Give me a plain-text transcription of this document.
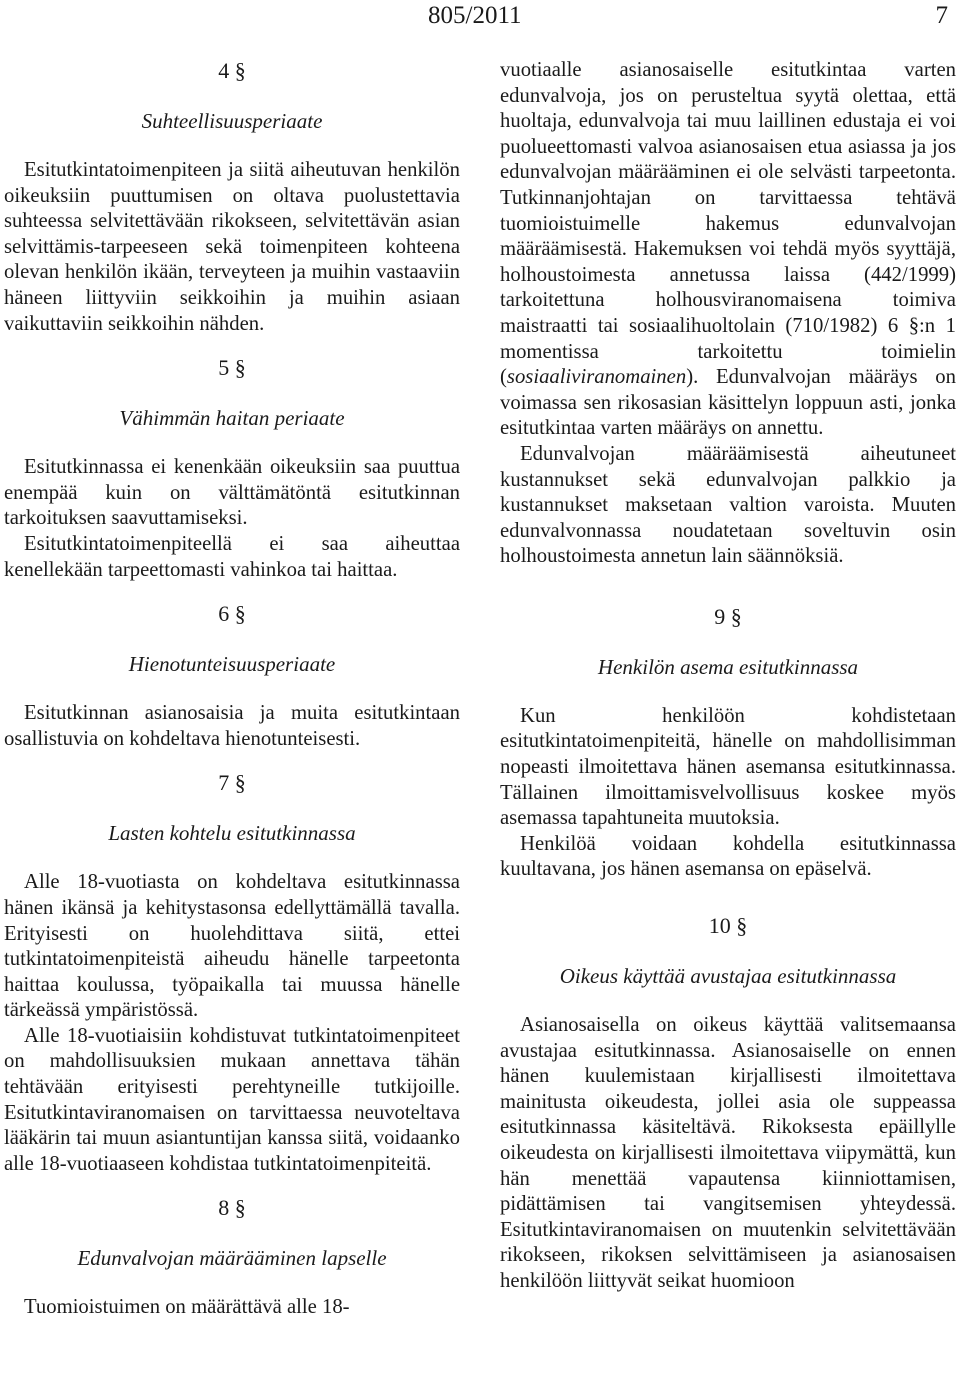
805/2011	7

4 §

Suhteellisuusperiaate

Esitutkintatoimenpiteen ja siitä aiheutuvan henkilön oikeuksiin puuttumisen on oltava puolustettavia suhteessa selvitettävään rikokseen, selvitettävän asian selvittämis-tarpeeseen sekä toimenpiteen kohteena olevan henkilön ikään, terveyteen ja muihin vastaaviin häneen liittyviin seikkoihin ja muihin asiaan vaikuttaviin seikkoihin nähden.

5 §

Vähimmän haitan periaate

Esitutkinnassa ei kenenkään oikeuksiin saa puuttua enempää kuin on välttämätöntä esitutkinnan tarkoituksen saavuttamiseksi.

Esitutkintatoimenpiteellä ei saa aiheuttaa kenellekään tarpeettomasti vahinkoa tai haittaa.

6 §

Hienotunteisuusperiaate

Esitutkinnan asianosaisia ja muita esitutkintaan osallistuvia on kohdeltava hienotunteisesti.

7 §

Lasten kohtelu esitutkinnassa

Alle 18-vuotiasta on kohdeltava esitutkinnassa hänen ikänsä ja kehitystasonsa edellyttämällä tavalla. Erityisesti on huolehdittava siitä, ettei tutkintatoimenpiteistä aiheudu hänelle tarpeetonta haittaa koulussa, työpaikalla tai muussa hänelle tärkeässä ympäristössä.

Alle 18-vuotiaisiin kohdistuvat tutkintatoimenpiteet on mahdollisuuksien mukaan annettava tähän tehtävään erityisesti perehtyneille tutkijoille. Esitutkintaviranomaisen on tarvittaessa neuvoteltava lääkärin tai muun asiantuntijan kanssa siitä, voidaanko alle 18-vuotiaaseen kohdistaa tutkintatoimenpiteitä.

8 §

Edunvalvojan määrääminen lapselle

Tuomioistuimen on määrättävä alle 18-

vuotiaalle asianosaiselle esitutkintaa varten edunvalvoja, jos on perusteltua syytä olettaa, että huoltaja, edunvalvoja tai muu laillinen edustaja ei voi puolueettomasti valvoa asianosaisen etua asiassa ja jos edunvalvojan määrääminen ei ole selvästi tarpeetonta. Tutkinnanjohtajan on tarvittaessa tehtävä tuomioistuimelle hakemus edunvalvojan määräämisestä. Hakemuksen voi tehdä myös syyttäjä, holhoustoimesta annetussa laissa (442/1999) tarkoitettuna holhousviranomaisena toimiva maistraatti tai sosiaalihuoltolain (710/1982) 6 §:n 1 momentissa tarkoitettu toimielin (sosiaaliviranomainen). Edunvalvojan määräys on voimassa sen rikosasian käsittelyn loppuun asti, jonka esitutkintaa varten määräys on annettu.

Edunvalvojan määräämisestä aiheutuneet kustannukset sekä edunvalvojan palkkio ja kustannukset maksetaan valtion varoista. Muuten edunvalvonnassa noudatetaan soveltuvin osin holhoustoimesta annetun lain säännöksiä.

9 §

Henkilön asema esitutkinnassa

Kun henkilöön kohdistetaan esitutkintatoimenpiteitä, hänelle on mahdollisimman nopeasti ilmoitettava hänen asemansa esitutkinnassa. Tällainen ilmoittamisvelvollisuus koskee myös asemassa tapahtuneita muutoksia.

Henkilöä voidaan kohdella esitutkinnassa kuultavana, jos hänen asemansa on epäselvä.

10 §

Oikeus käyttää avustajaa esitutkinnassa

Asianosaisella on oikeus käyttää valitsemaansa avustajaa esitutkinnassa. Asianosaiselle on ennen hänen kuulemistaan kirjallisesti ilmoitettava mainitusta oikeudesta, jollei asia ole suppeassa esitutkinnassa käsiteltävä. Rikoksesta epäillylle oikeudesta on kirjallisesti ilmoitettava viipymättä, kun hän menettää vapautensa kiinniottamisen, pidättämisen tai vangitsemisen yhteydessä. Esitutkintaviranomaisen on muutenkin selvitettävään rikokseen, rikoksen selvittämiseen ja asianosaisen henkilöön liittyvät seikat huomioon
